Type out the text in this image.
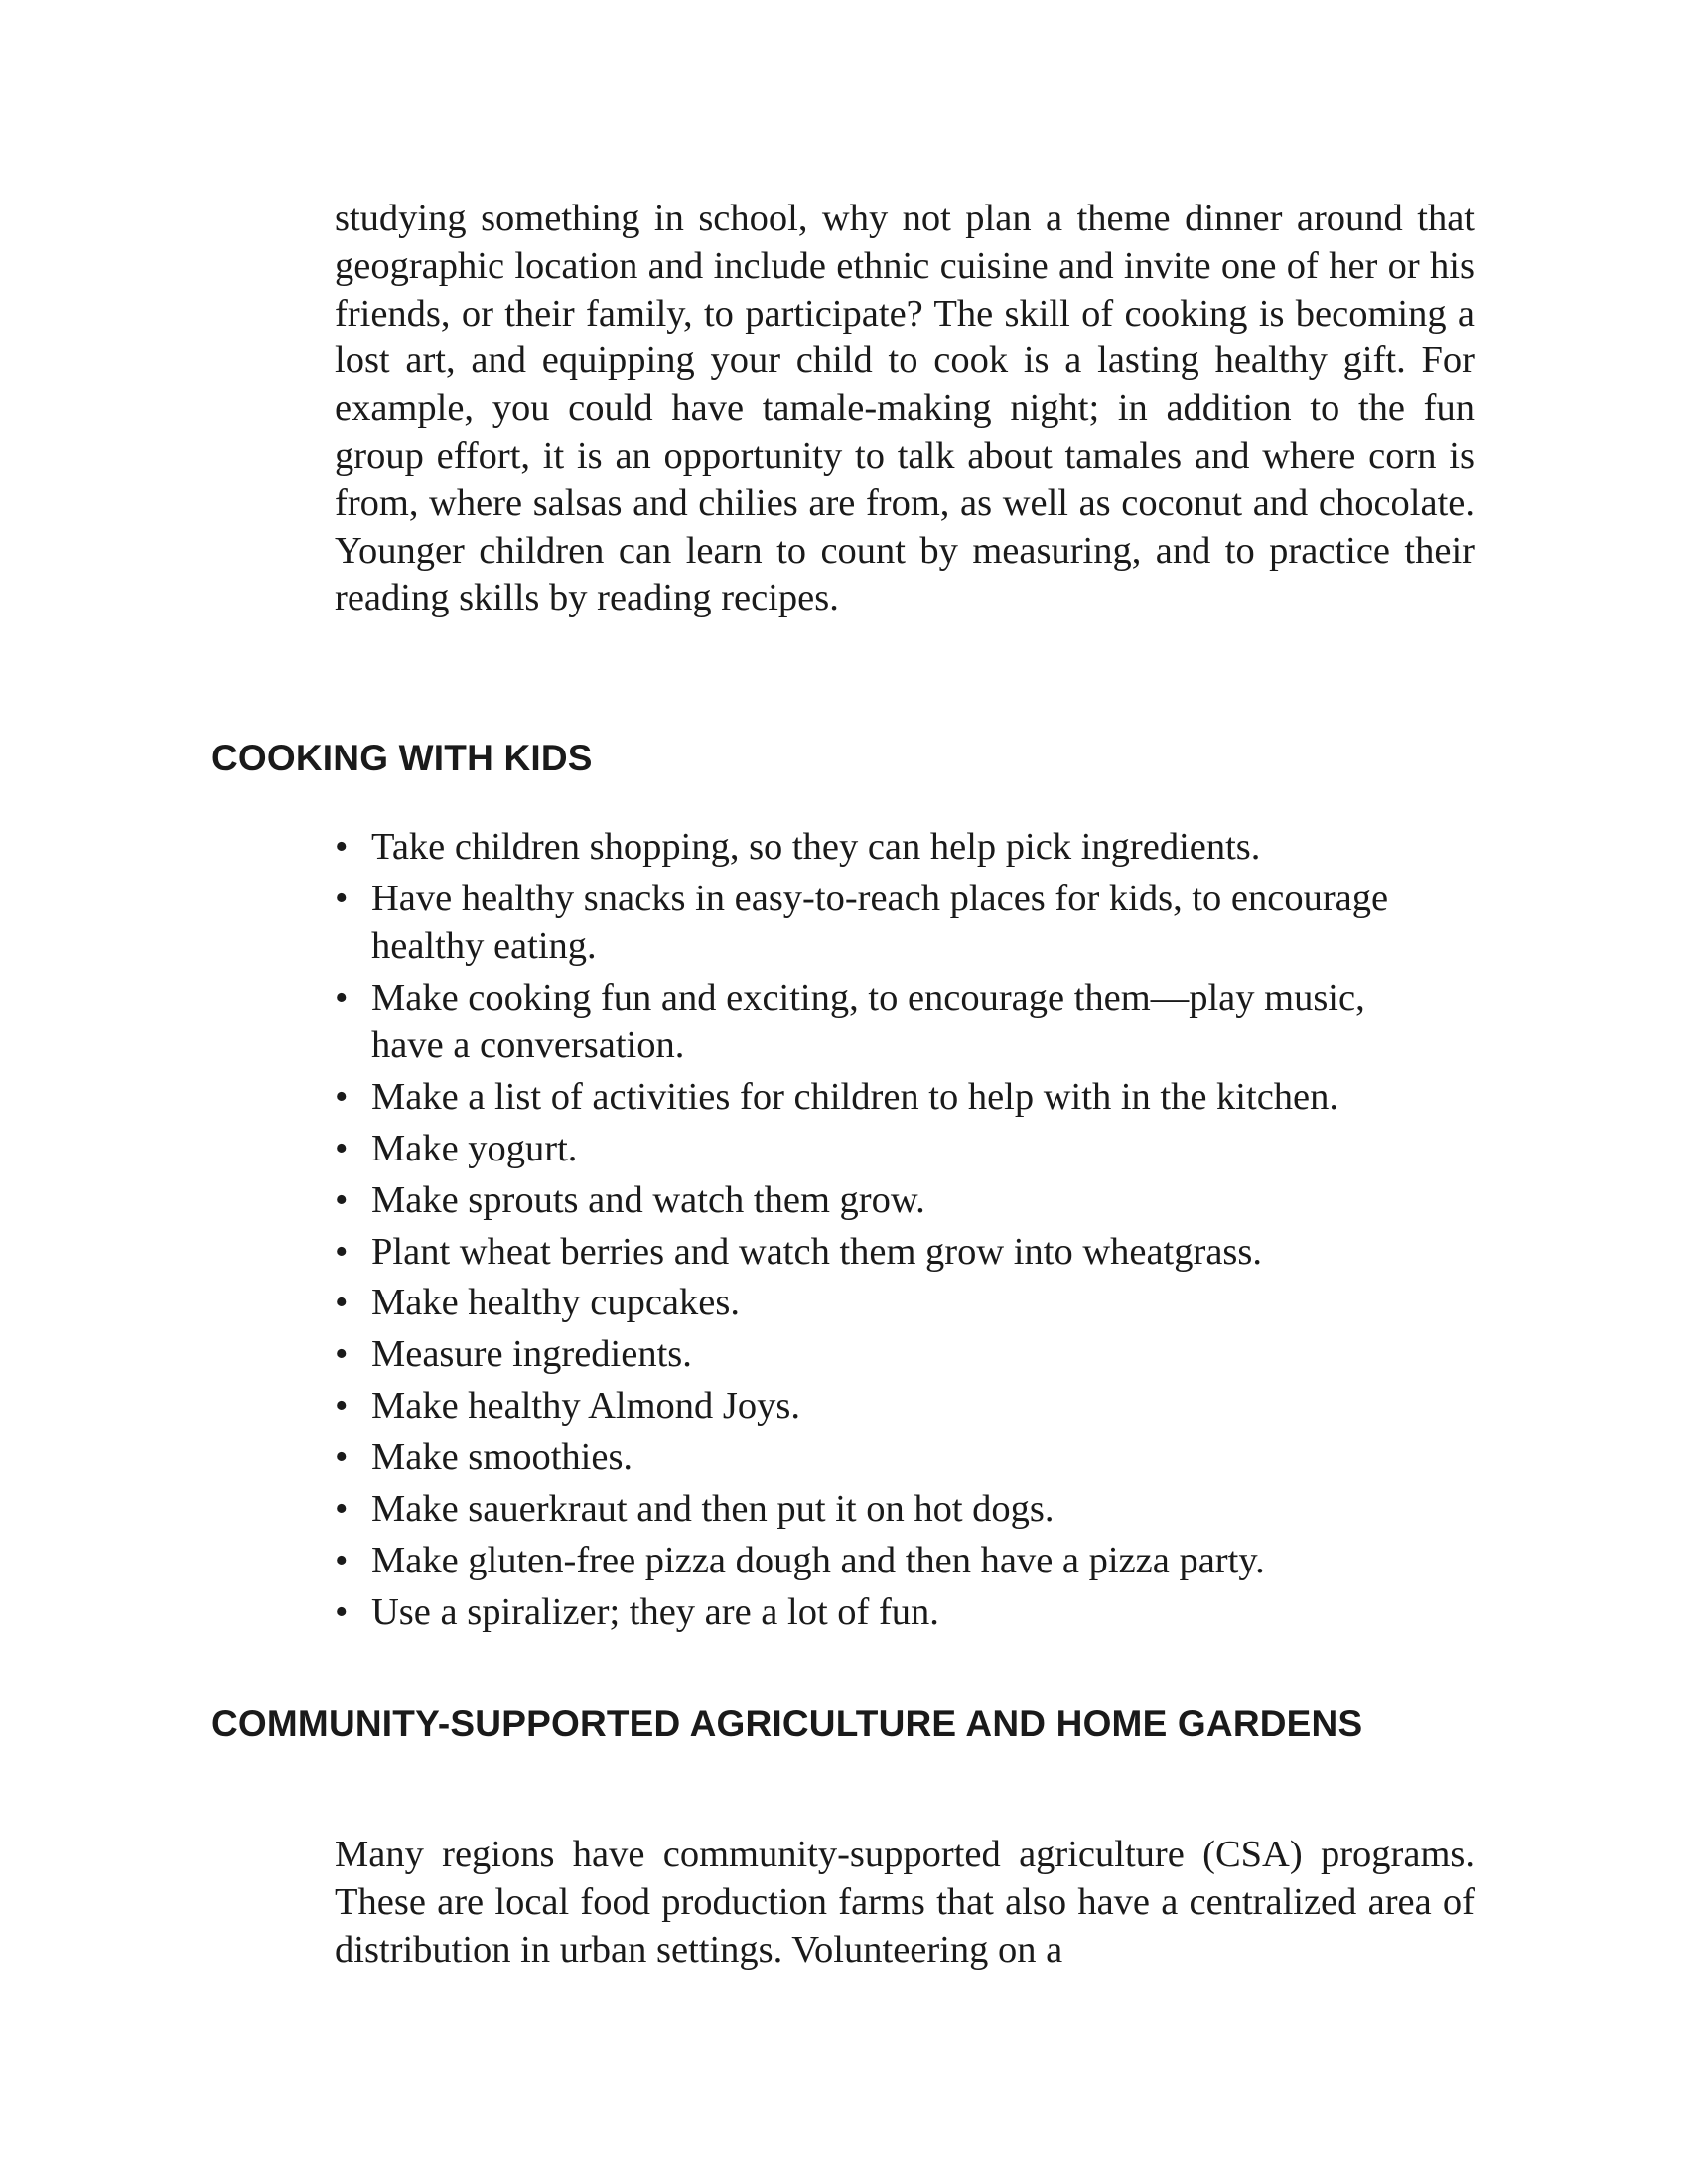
studying something in school, why not plan a theme dinner around that geographic location and include ethnic cuisine and invite one of her or his friends, or their family, to participate? The skill of cooking is becoming a lost art, and equipping your child to cook is a lasting healthy gift. For example, you could have tamale-making night; in addition to the fun group effort, it is an opportunity to talk about tamales and where corn is from, where salsas and chilies are from, as well as coconut and chocolate. Younger children can learn to count by measuring, and to practice their reading skills by reading recipes.

COOKING WITH KIDS
• Take children shopping, so they can help pick ingredients.
• Have healthy snacks in easy-to-reach places for kids, to encourage healthy eating.
• Make cooking fun and exciting, to encourage them—play music, have a conversation.
• Make a list of activities for children to help with in the kitchen.
• Make yogurt.
• Make sprouts and watch them grow.
• Plant wheat berries and watch them grow into wheatgrass.
• Make healthy cupcakes.
• Measure ingredients.
• Make healthy Almond Joys.
• Make smoothies.
• Make sauerkraut and then put it on hot dogs.
• Make gluten-free pizza dough and then have a pizza party.
• Use a spiralizer; they are a lot of fun.
COMMUNITY-SUPPORTED AGRICULTURE AND HOME GARDENS

Many regions have community-supported agriculture (CSA) programs. These are local food production farms that also have a centralized area of distribution in urban settings. Volunteering on a
